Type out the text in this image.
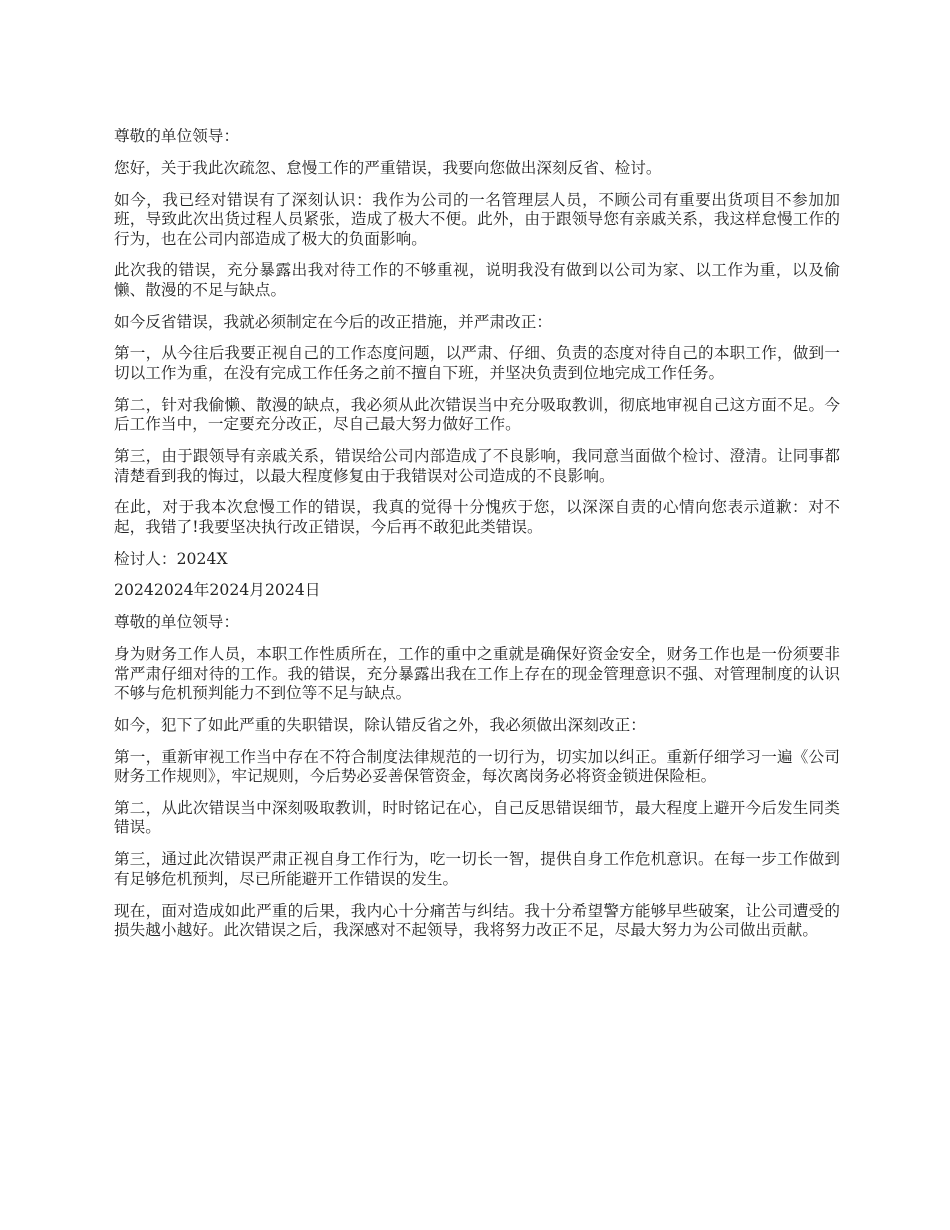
尊敬的单位领导：

您好，关于我此次疏忽、怠慢工作的严重错误，我要向您做出深刻反省、检讨。

如今，我已经对错误有了深刻认识：我作为公司的一名管理层人员，不顾公司有重要出货项目不参加加班，导致此次出货过程人员紧张，造成了极大不便。此外，由于跟领导您有亲戚关系，我这样怠慢工作的行为，也在公司内部造成了极大的负面影响。

此次我的错误，充分暴露出我对待工作的不够重视，说明我没有做到以公司为家、以工作为重，以及偷懒、散漫的不足与缺点。

如今反省错误，我就必须制定在今后的改正措施，并严肃改正：

第一，从今往后我要正视自己的工作态度问题，以严肃、仔细、负责的态度对待自己的本职工作，做到一切以工作为重，在没有完成工作任务之前不擅自下班，并坚决负责到位地完成工作任务。

第二，针对我偷懒、散漫的缺点，我必须从此次错误当中充分吸取教训，彻底地审视自己这方面不足。今后工作当中，一定要充分改正，尽自己最大努力做好工作。

第三，由于跟领导有亲戚关系，错误给公司内部造成了不良影响，我同意当面做个检讨、澄清。让同事都清楚看到我的悔过，以最大程度修复由于我错误对公司造成的不良影响。

在此，对于我本次怠慢工作的错误，我真的觉得十分愧疚于您，以深深自责的心情向您表示道歉：对不起，我错了!我要坚决执行改正错误，今后再不敢犯此类错误。

检讨人：2024X

20242024年2024月2024日

尊敬的单位领导：

身为财务工作人员，本职工作性质所在，工作的重中之重就是确保好资金安全，财务工作也是一份须要非常严肃仔细对待的工作。我的错误，充分暴露出我在工作上存在的现金管理意识不强、对管理制度的认识不够与危机预判能力不到位等不足与缺点。

如今，犯下了如此严重的失职错误，除认错反省之外，我必须做出深刻改正：

第一，重新审视工作当中存在不符合制度法律规范的一切行为，切实加以纠正。重新仔细学习一遍《公司财务工作规则》，牢记规则，今后势必妥善保管资金，每次离岗务必将资金锁进保险柜。

第二，从此次错误当中深刻吸取教训，时时铭记在心，自己反思错误细节，最大程度上避开今后发生同类错误。

第三，通过此次错误严肃正视自身工作行为，吃一切长一智，提供自身工作危机意识。在每一步工作做到有足够危机预判，尽已所能避开工作错误的发生。

现在，面对造成如此严重的后果，我内心十分痛苦与纠结。我十分希望警方能够早些破案，让公司遭受的损失越小越好。此次错误之后，我深感对不起领导，我将努力改正不足，尽最大努力为公司做出贡献。
